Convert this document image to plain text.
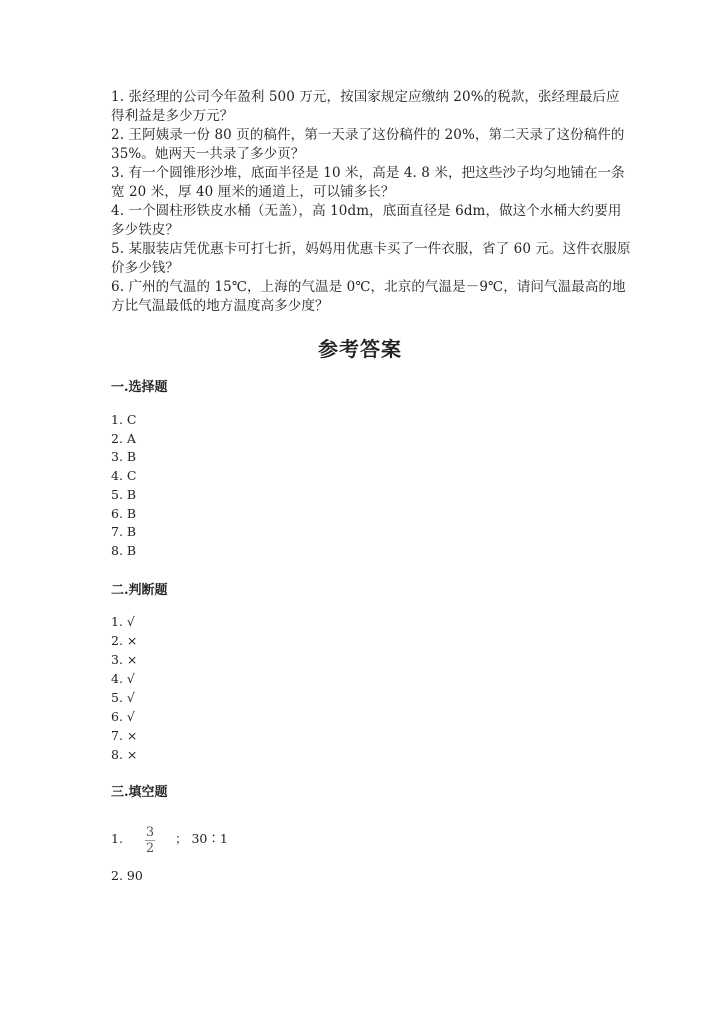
1. 张经理的公司今年盈利 500 万元，按国家规定应缴纳 20%的税款，张经理最后应得利益是多少万元？
2. 王阿姨录一份 80 页的稿件，第一天录了这份稿件的 20%，第二天录了这份稿件的 35%。她两天一共录了多少页？
3. 有一个圆锥形沙堆，底面半径是 10 米，高是 4. 8 米，把这些沙子均匀地铺在一条宽 20 米，厚 40 厘米的通道上，可以铺多长？
4. 一个圆柱形铁皮水桶（无盖），高 10dm，底面直径是 6dm，做这个水桶大约要用多少铁皮？
5. 某服装店凭优惠卡可打七折，妈妈用优惠卡买了一件衣服，省了 60 元。这件衣服原价多少钱？
6. 广州的气温的 15℃，上海的气温是 0℃，北京的气温是－9℃，请问气温最高的地方比气温最低的地方温度高多少度？
参考答案
一.选择题
1. C
2. A
3. B
4. C
5. B
6. B
7. B
8. B
二.判断题
1. √
2. ×
3. ×
4. √
5. √
6. √
7. ×
8. ×
三.填空题
1. 3
2
； 30∶1
2. 90
